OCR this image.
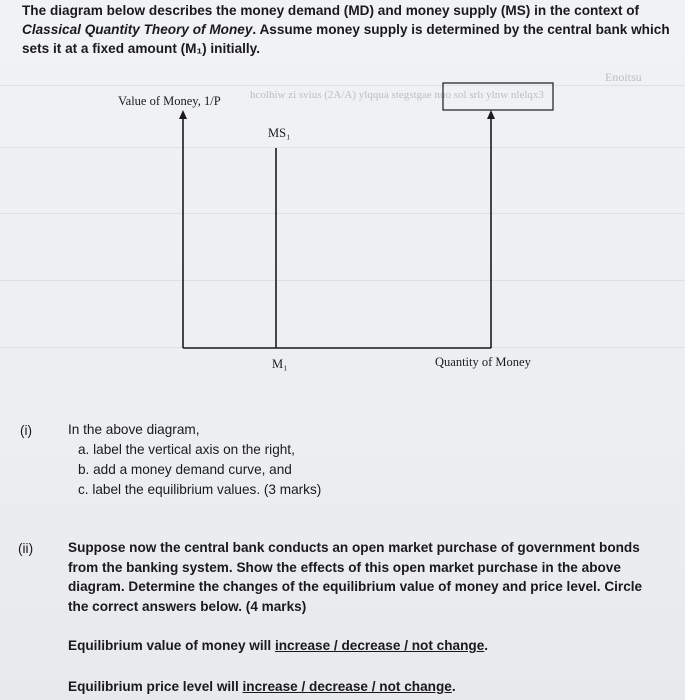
The diagram below describes the money demand (MD) and money supply (MS) in the context of
Classical Quantity Theory of Money. Assume money supply is determined by the central bank which
sets it at a fixed amount (M₁) initially.
hcolhiw zi svius (2A/A) ylqqua stegstgae nuo sol srlı ylnw nlelqx3
Enoitsu
Value of Money, 1/P
MS₁
M₁	Quantity of Money
(i)	In the above diagram,
a. label the vertical axis on the right,
b. add a money demand curve, and
c. label the equilibrium values. (3 marks)
(ii)	Suppose now the central bank conducts an open market purchase of government bonds
from the banking system. Show the effects of this open market purchase in the above
diagram. Determine the changes of the equilibrium value of money and price level. Circle
the correct answers below. (4 marks)
Equilibrium value of money will increase / decrease / not change.
Equilibrium price level will increase / decrease / not change.
